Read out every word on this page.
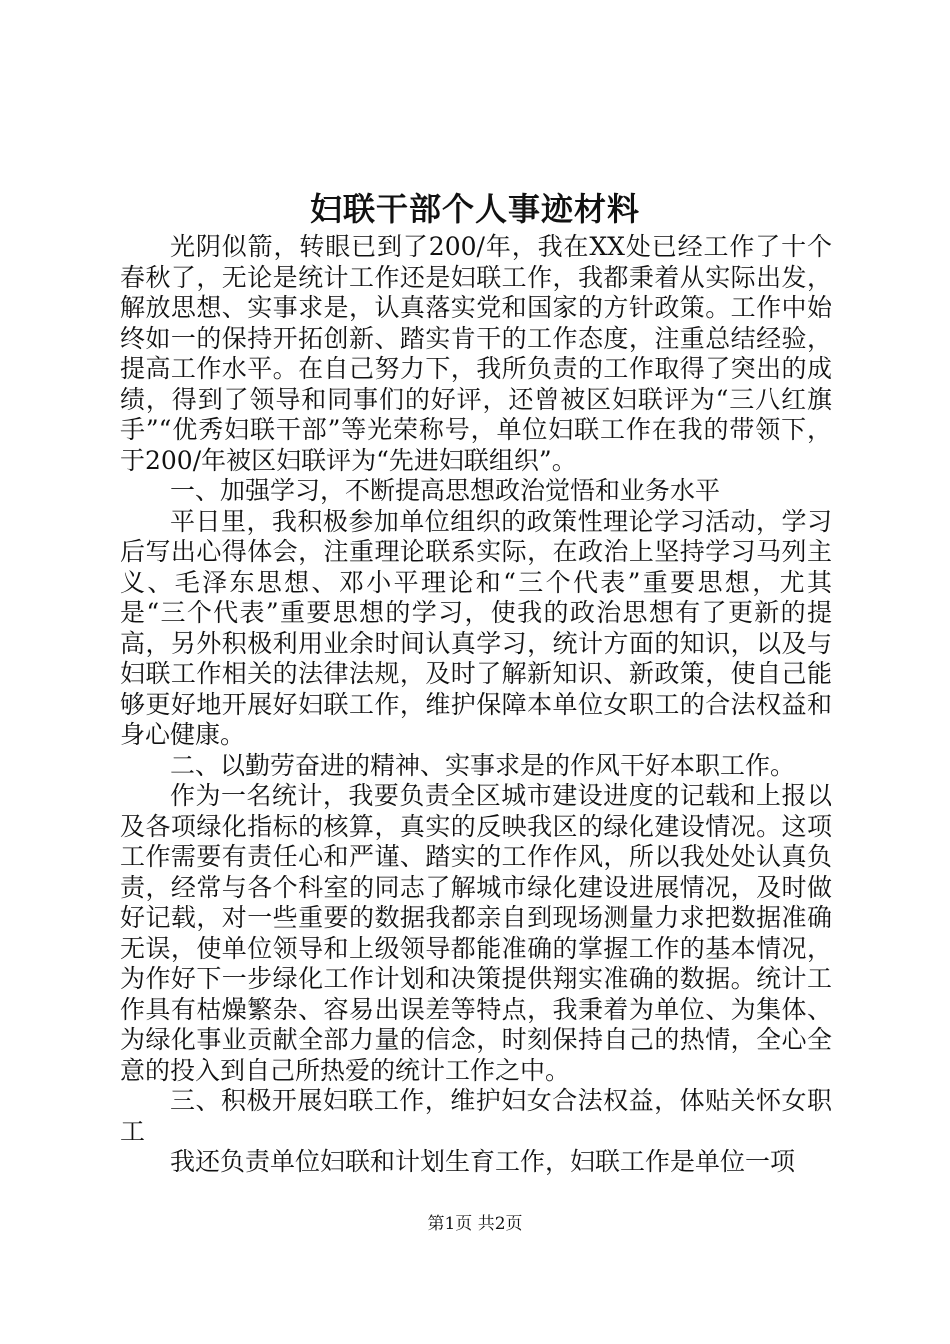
妇联干部个人事迹材料

光阴似箭，转眼已到了200/年，我在XX处已经工作了十个春秋了，无论是统计工作还是妇联工作，我都秉着从实际出发，解放思想、实事求是，认真落实党和国家的方针政策。工作中始终如一的保持开拓创新、踏实肯干的工作态度，注重总结经验，提高工作水平。在自己努力下，我所负责的工作取得了突出的成绩，得到了领导和同事们的好评，还曾被区妇联评为“三八红旗手”“优秀妇联干部”等光荣称号，单位妇联工作在我的带领下，于200/年被区妇联评为“先进妇联组织”。

一、加强学习，不断提高思想政治觉悟和业务水平

平日里，我积极参加单位组织的政策性理论学习活动，学习后写出心得体会，注重理论联系实际，在政治上坚持学习马列主义、毛泽东思想、邓小平理论和“三个代表”重要思想，尤其是“三个代表”重要思想的学习，使我的政治思想有了更新的提高，另外积极利用业余时间认真学习，统计方面的知识，以及与妇联工作相关的法律法规，及时了解新知识、新政策，使自己能够更好地开展好妇联工作，维护保障本单位女职工的合法权益和身心健康。

二、以勤劳奋进的精神、实事求是的作风干好本职工作。

作为一名统计，我要负责全区城市建设进度的记载和上报以及各项绿化指标的核算，真实的反映我区的绿化建设情况。这项工作需要有责任心和严谨、踏实的工作作风，所以我处处认真负责，经常与各个科室的同志了解城市绿化建设进展情况，及时做好记载，对一些重要的数据我都亲自到现场测量力求把数据准确无误，使单位领导和上级领导都能准确的掌握工作的基本情况，为作好下一步绿化工作计划和决策提供翔实准确的数据。统计工作具有枯燥繁杂、容易出误差等特点，我秉着为单位、为集体、为绿化事业贡献全部力量的信念，时刻保持自己的热情，全心全意的投入到自己所热爱的统计工作之中。

三、积极开展妇联工作，维护妇女合法权益，体贴关怀女职工

我还负责单位妇联和计划生育工作，妇联工作是单位一项

第1页 共2页
